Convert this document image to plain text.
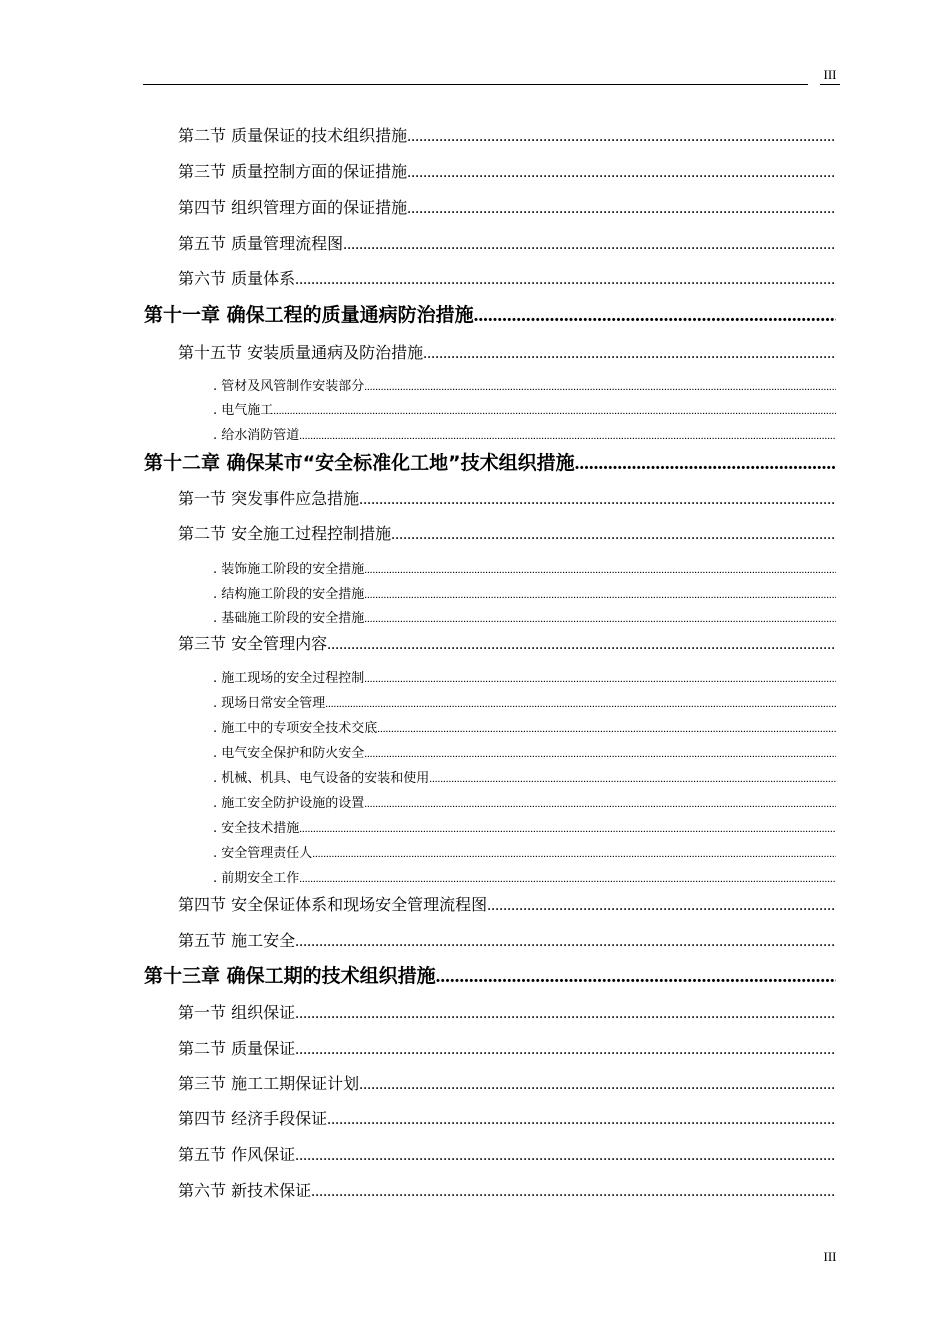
III
第二节 质量保证的技术组织措施
.....
第三节 质量控制方面的保证措施
.....
第四节 组织管理方面的保证措施
.....
第五节 质量管理流程图
.....
第六节 质量体系
.....
第十一章 确保工程的质量通病防治措施
.....
第十五节 安装质量通病及防治措施
.....
. 管材及风管制作安装部分
.....
. 电气施工
.....
. 给水消防管道
.....
第十二章 确保某市“安全标准化工地”技术组织措施
.....
第一节 突发事件应急措施
.....
第二节 安全施工过程控制措施
.....
. 装饰施工阶段的安全措施
.....
. 结构施工阶段的安全措施
.....
. 基础施工阶段的安全措施
.....
第三节 安全管理内容
.....
. 施工现场的安全过程控制
.....
. 现场日常安全管理
.....
. 施工中的专项安全技术交底
.....
. 电气安全保护和防火安全
.....
. 机械、机具、电气设备的安装和使用
.....
. 施工安全防护设施的设置
.....
. 安全技术措施
.....
. 安全管理责任人
.....
. 前期安全工作
.....
第四节 安全保证体系和现场安全管理流程图
.....
第五节 施工安全
.....
第十三章 确保工期的技术组织措施
.....
第一节 组织保证
.....
第二节 质量保证
.....
第三节 施工工期保证计划
.....
第四节 经济手段保证
.....
第五节 作风保证
.....
第六节 新技术保证
.....
III
